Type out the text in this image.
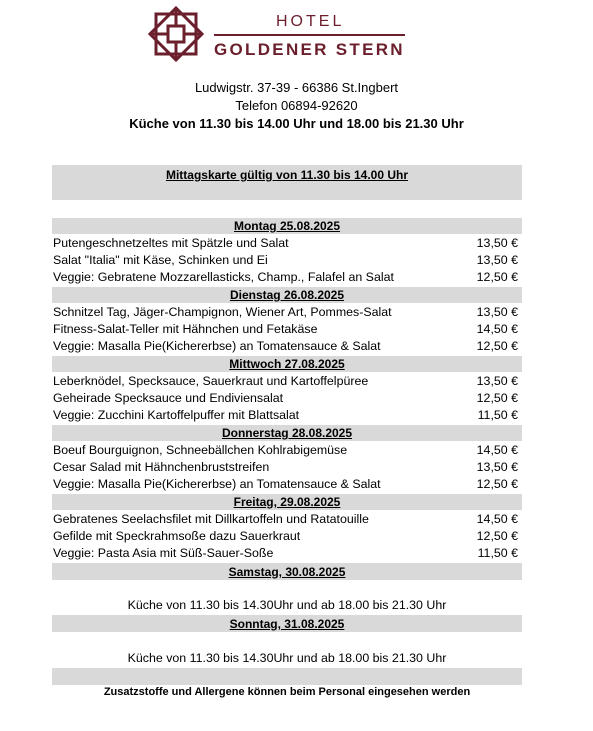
HOTEL
GOLDENER STERN
Ludwigstr. 37-39 - 66386 St.Ingbert
Telefon 06894-92620
Küche von 11.30 bis 14.00 Uhr und 18.00 bis 21.30 Uhr
Mittagskarte gültig von 11.30 bis 14.00 Uhr
Montag 25.08.2025
Putengeschnetzeltes mit Spätzle und Salat	13,50 €
Salat "Italia" mit Käse, Schinken und Ei	13,50 €
Veggie: Gebratene Mozzarellasticks, Champ., Falafel an Salat	12,50 €
Dienstag 26.08.2025
Schnitzel Tag, Jäger-Champignon, Wiener Art, Pommes-Salat	13,50 €
Fitness-Salat-Teller mit Hähnchen und Fetakäse	14,50 €
Veggie: Masalla Pie(Kichererbse) an Tomatensauce & Salat	12,50 €
Mittwoch 27.08.2025
Leberknödel, Specksauce, Sauerkraut und Kartoffelpüree	13,50 €
Geheirade Specksauce und Endiviensalat	12,50 €
Veggie: Zucchini Kartoffelpuffer mit Blattsalat	11,50 €
Donnerstag 28.08.2025
Boeuf Bourguignon, Schneebällchen Kohlrabigemüse	14,50 €
Cesar Salad mit Hähnchenbruststreifen	13,50 €
Veggie: Masalla Pie(Kichererbse) an Tomatensauce & Salat	12,50 €
Freitag, 29.08.2025
Gebratenes Seelachsfilet mit Dillkartoffeln und Ratatouille	14,50 €
Gefilde mit Speckrahmsoße dazu Sauerkraut	12,50 €
Veggie: Pasta Asia mit Süß-Sauer-Soße	11,50 €
Samstag, 30.08.2025
Küche von 11.30 bis 14.30Uhr und ab 18.00 bis 21.30 Uhr
Sonntag, 31.08.2025
Küche von 11.30 bis 14.30Uhr und ab 18.00 bis 21.30 Uhr
Zusatzstoffe und Allergene können beim Personal eingesehen werden
